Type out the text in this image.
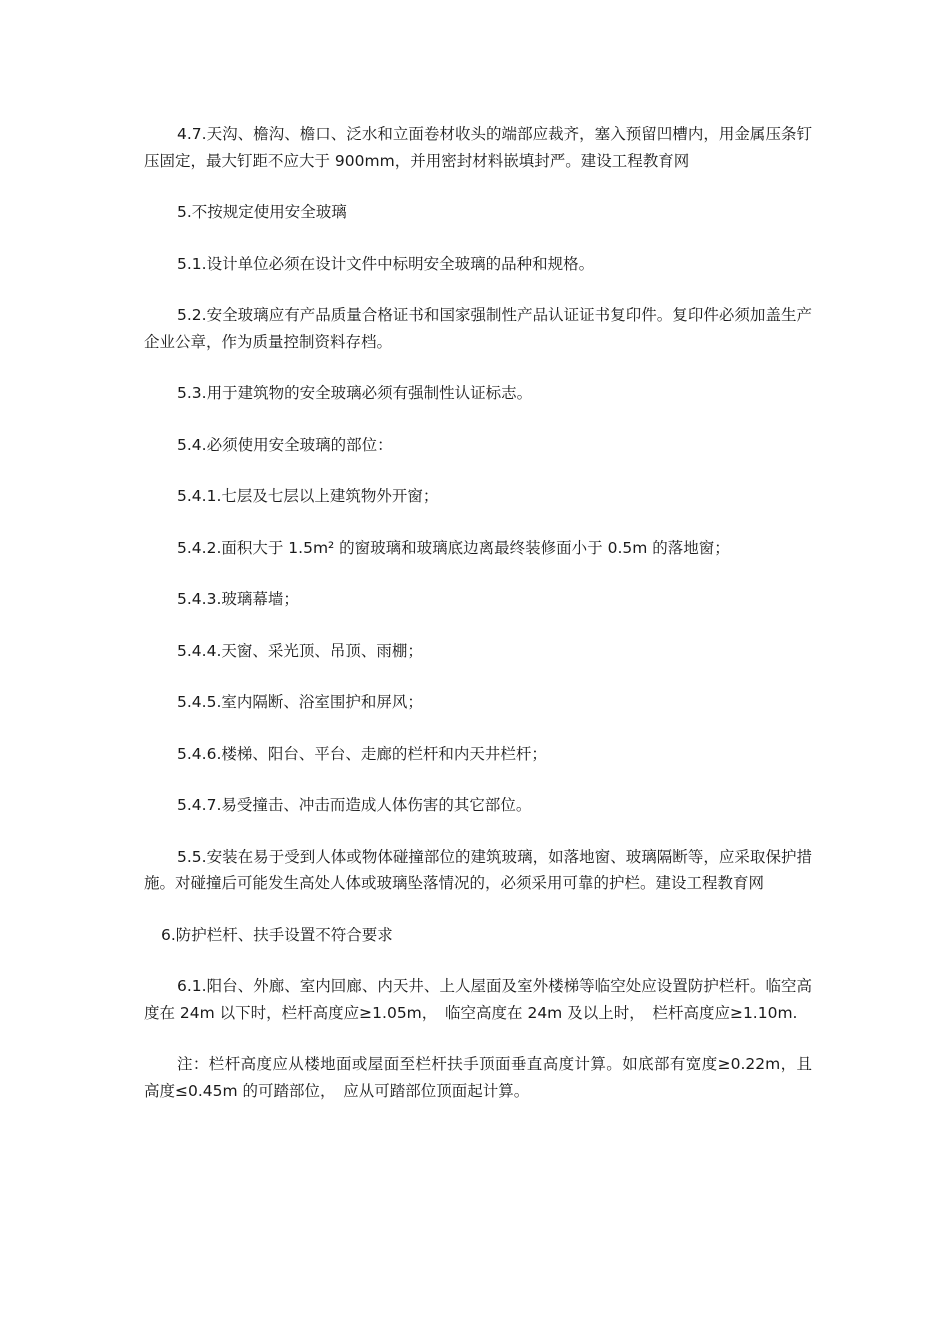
4.7.天沟、檐沟、檐口、泛水和立面卷材收头的端部应裁齐，塞入预留凹槽内，用金属压条钉压固定，最大钉距不应大于 900mm，并用密封材料嵌填封严。建设工程教育网

5.不按规定使用安全玻璃

5.1.设计单位必须在设计文件中标明安全玻璃的品种和规格。

5.2.安全玻璃应有产品质量合格证书和国家强制性产品认证证书复印件。复印件必须加盖生产企业公章，作为质量控制资料存档。

5.3.用于建筑物的安全玻璃必须有强制性认证标志。

5.4.必须使用安全玻璃的部位：

5.4.1.七层及七层以上建筑物外开窗；

5.4.2.面积大于 1.5m² 的窗玻璃和玻璃底边离最终装修面小于 0.5m 的落地窗；

5.4.3.玻璃幕墙；

5.4.4.天窗、采光顶、吊顶、雨棚；

5.4.5.室内隔断、浴室围护和屏风；

5.4.6.楼梯、阳台、平台、走廊的栏杆和内天井栏杆；

5.4.7.易受撞击、冲击而造成人体伤害的其它部位。

5.5.安装在易于受到人体或物体碰撞部位的建筑玻璃，如落地窗、玻璃隔断等，应采取保护措施。对碰撞后可能发生高处人体或玻璃坠落情况的，必须采用可靠的护栏。建设工程教育网

6.防护栏杆、扶手设置不符合要求

6.1.阳台、外廊、室内回廊、内天井、上人屋面及室外楼梯等临空处应设置防护栏杆。临空高度在 24m 以下时，栏杆高度应≥1.05m，　临空高度在 24m 及以上时，　栏杆高度应≥1.10m.

注：栏杆高度应从楼地面或屋面至栏杆扶手顶面垂直高度计算。如底部有宽度≥0.22m，且高度≤0.45m 的可踏部位，　应从可踏部位顶面起计算。
